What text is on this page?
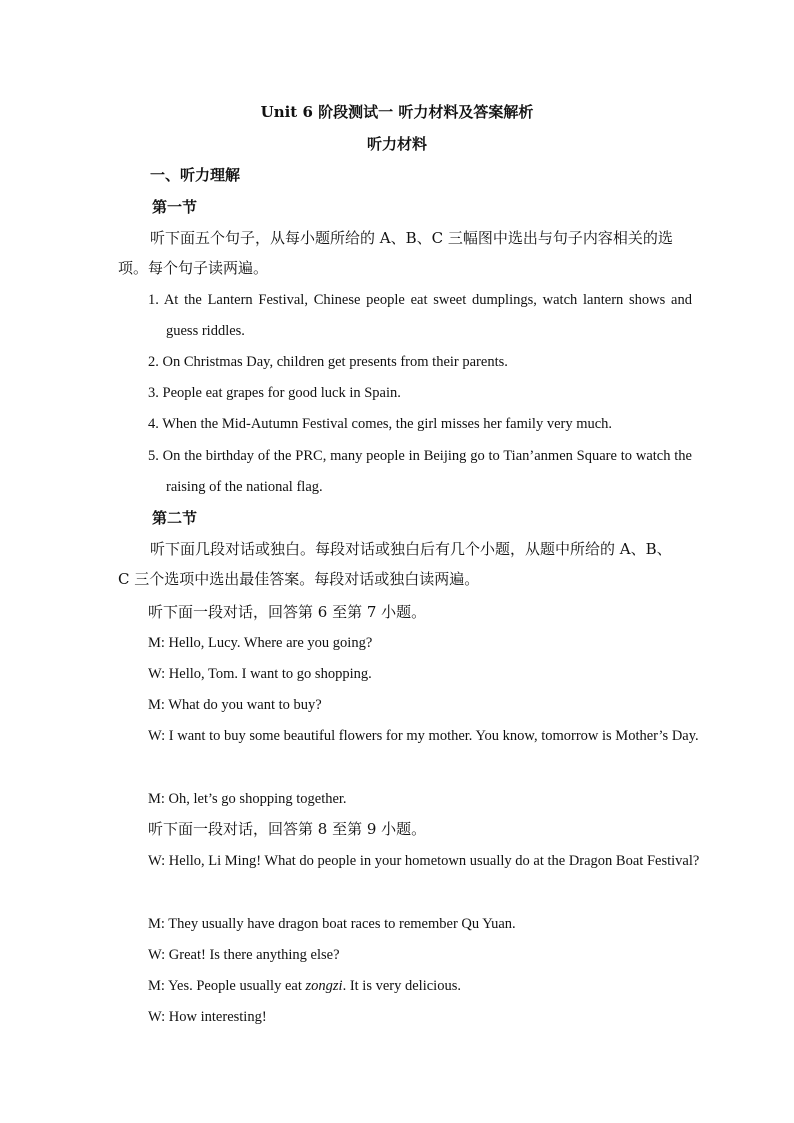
Unit 6 阶段测试一 听力材料及答案解析
听力材料
一、听力理解
第一节
听下面五个句子，从每小题所给的 A、B、C 三幅图中选出与句子内容相关的选项。每个句子读两遍。
1. At the Lantern Festival, Chinese people eat sweet dumplings, watch lantern shows and guess riddles.
2. On Christmas Day, children get presents from their parents.
3. People eat grapes for good luck in Spain.
4. When the Mid-Autumn Festival comes, the girl misses her family very much.
5. On the birthday of the PRC, many people in Beijing go to Tian’anmen Square to watch the raising of the national flag.
第二节
听下面几段对话或独白。每段对话或独白后有几个小题，从题中所给的 A、B、C 三个选项中选出最佳答案。每段对话或独白读两遍。
听下面一段对话，回答第 6 至第 7 小题。
M: Hello, Lucy. Where are you going?
W: Hello, Tom. I want to go shopping.
M: What do you want to buy?
W: I want to buy some beautiful flowers for my mother. You know, tomorrow is Mother’s Day.
M: Oh, let’s go shopping together.
听下面一段对话，回答第 8 至第 9 小题。
W: Hello, Li Ming! What do people in your hometown usually do at the Dragon Boat Festival?
M: They usually have dragon boat races to remember Qu Yuan.
W: Great! Is there anything else?
M: Yes. People usually eat zongzi. It is very delicious.
W: How interesting!
